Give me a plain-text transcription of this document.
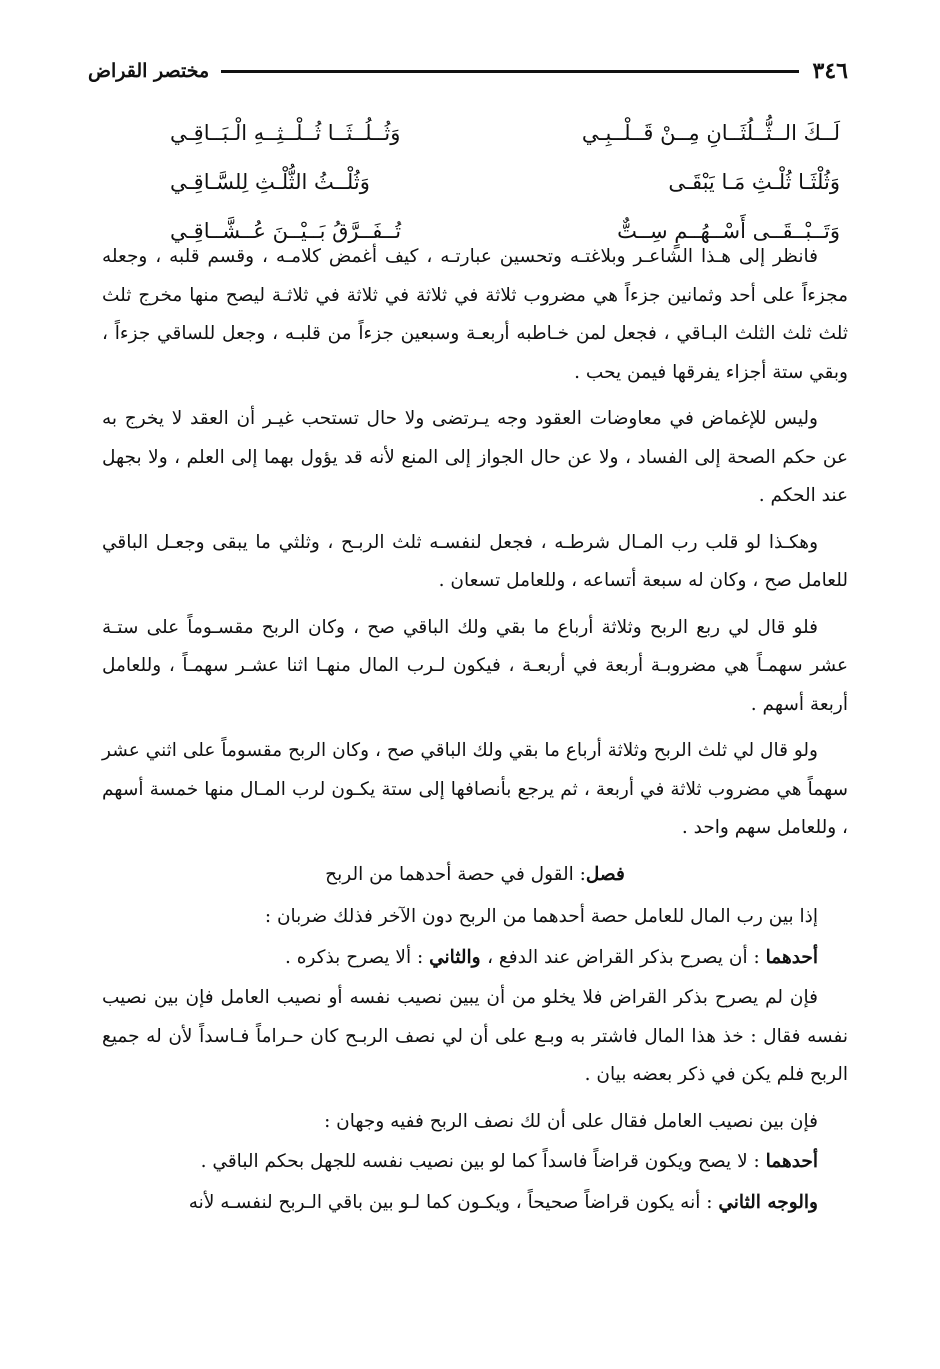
٣٤٦
مختصر القراض
لَــكَ الــثُّــلُثَــانِ مِــنْ قَــلْــبِـي
وَثُــلُــثَــا ثُــلْــثِــهِ الْـبَــاقِـي
وَثُلْثَـا ثُلْـثِ مَـا يَبْقَـى
وَثُلْــثُ الثُّلْـثِ لِلسَّـاقِـي
وَتَــبْــقَــى أَسْــهُــمٍ سِــتٌّ
تُــفَــرَّقُ بَــيْــنَ عُــشَّــاقِـي

فانظر إلى هـذا الشاعـر وبلاغتـه وتحسين عبارتـه ، كيف أغمض كلامـه ، وقسم قلبه ، وجعله مجزءاً على أحد وثمانين جزءاً هي مضروب ثلاثة في ثلاثة في ثلاثة في ثلاثـة ليصح منها مخرج ثلث ثلث ثلث الثلث البـاقي ، فجعل لمن خـاطبه أربعـة وسبعين جزءاً من قلبـه ، وجعل للساقي جزءاً ، وبقي ستة أجزاء يفرقها فيمن يحب .

وليس للإغماض في معاوضات العقود وجه يـرتضى ولا حال تستحب غيـر أن العقد لا يخرج به عن حكم الصحة إلى الفساد ، ولا عن حال الجواز إلى المنع لأنه قد يؤول بهما إلى العلم ، ولا بجهل عند الحكم .

وهكـذا لو قلب رب المـال شرطـه ، فجعل لنفسـه ثلث الربـح ، وثلثي ما يبقى وجعـل الباقي للعامل صح ، وكان له سبعة أتساعه ، وللعامل تسعان .

فلو قال لي ربع الربح وثلاثة أرباع ما بقي ولك الباقي صح ، وكان الربح مقسـوماً على ستـة عشر سهمـاً هي مضروبـة أربعة في أربعـة ، فيكون لـرب المال منهـا اثنا عشـر سهمـاً ، وللعامل أربعة أسهم .

ولو قال لي ثلث الربح وثلاثة أرباع ما بقي ولك الباقي صح ، وكان الربح مقسوماً على اثني عشر سهماً هي مضروب ثلاثة في أربعة ، ثم يرجع بأنصافها إلى ستة يكـون لرب المـال منها خمسة أسهم ، وللعامل سهم واحد .

فصل: القول في حصة أحدهما من الربح

إذا بين رب المال للعامل حصة أحدهما من الربح دون الآخر فذلك ضربان :

أحدهما : أن يصرح بذكر القراض عند الدفع ، والثاني : ألا يصرح بذكره .

فإن لم يصرح بذكر القراض فلا يخلو من أن يبين نصيب نفسه أو نصيب العامل فإن بين نصيب نفسه فقال : خذ هذا المال فاشتر به وبـع على أن لي نصف الربـح كان حـراماً فـاسداً لأن له جميع الربح فلم يكن في ذكر بعضه بيان .

فإن بين نصيب العامل فقال على أن لك نصف الربح ففيه وجهان :

أحدهما : لا يصح ويكون قراضاً فاسداً كما لو بين نصيب نفسه للجهل بحكم الباقي .

والوجه الثاني : أنه يكون قراضاً صحيحاً ، ويكـون كما لـو بين باقي الـربح لنفسـه لأنه
